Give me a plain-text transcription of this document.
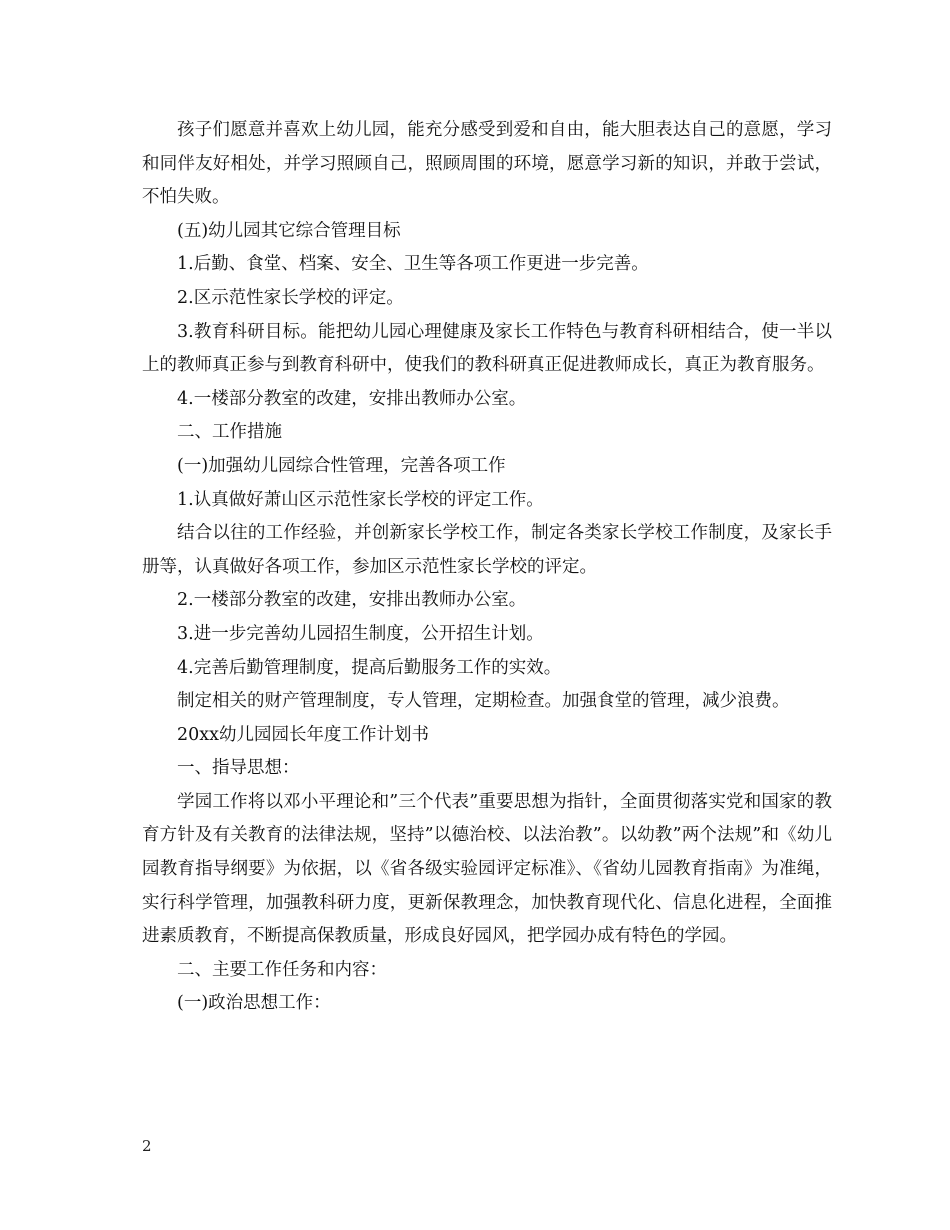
孩子们愿意并喜欢上幼儿园，能充分感受到爱和自由，能大胆表达自己的意愿，学习和同伴友好相处，并学习照顾自己，照顾周围的环境，愿意学习新的知识，并敢于尝试，不怕失败。

(五)幼儿园其它综合管理目标

1.后勤、食堂、档案、安全、卫生等各项工作更进一步完善。

2.区示范性家长学校的评定。

3.教育科研目标。能把幼儿园心理健康及家长工作特色与教育科研相结合，使一半以上的教师真正参与到教育科研中，使我们的教科研真正促进教师成长，真正为教育服务。

4.一楼部分教室的改建，安排出教师办公室。

二、工作措施

(一)加强幼儿园综合性管理，完善各项工作

1.认真做好萧山区示范性家长学校的评定工作。

结合以往的工作经验，并创新家长学校工作，制定各类家长学校工作制度，及家长手册等，认真做好各项工作，参加区示范性家长学校的评定。

2.一楼部分教室的改建，安排出教师办公室。

3.进一步完善幼儿园招生制度，公开招生计划。

4.完善后勤管理制度，提高后勤服务工作的实效。

制定相关的财产管理制度，专人管理，定期检查。加强食堂的管理，减少浪费。

20xx幼儿园园长年度工作计划书

一、指导思想：

学园工作将以邓小平理论和”三个代表”重要思想为指针，全面贯彻落实党和国家的教育方针及有关教育的法律法规，坚持”以德治校、以法治教”。以幼教”两个法规”和《幼儿园教育指导纲要》为依据，以《省各级实验园评定标准》、《省幼儿园教育指南》为准绳，实行科学管理，加强教科研力度，更新保教理念，加快教育现代化、信息化进程，全面推进素质教育，不断提高保教质量，形成良好园风，把学园办成有特色的学园。

二、主要工作任务和内容：

(一)政治思想工作：

2
